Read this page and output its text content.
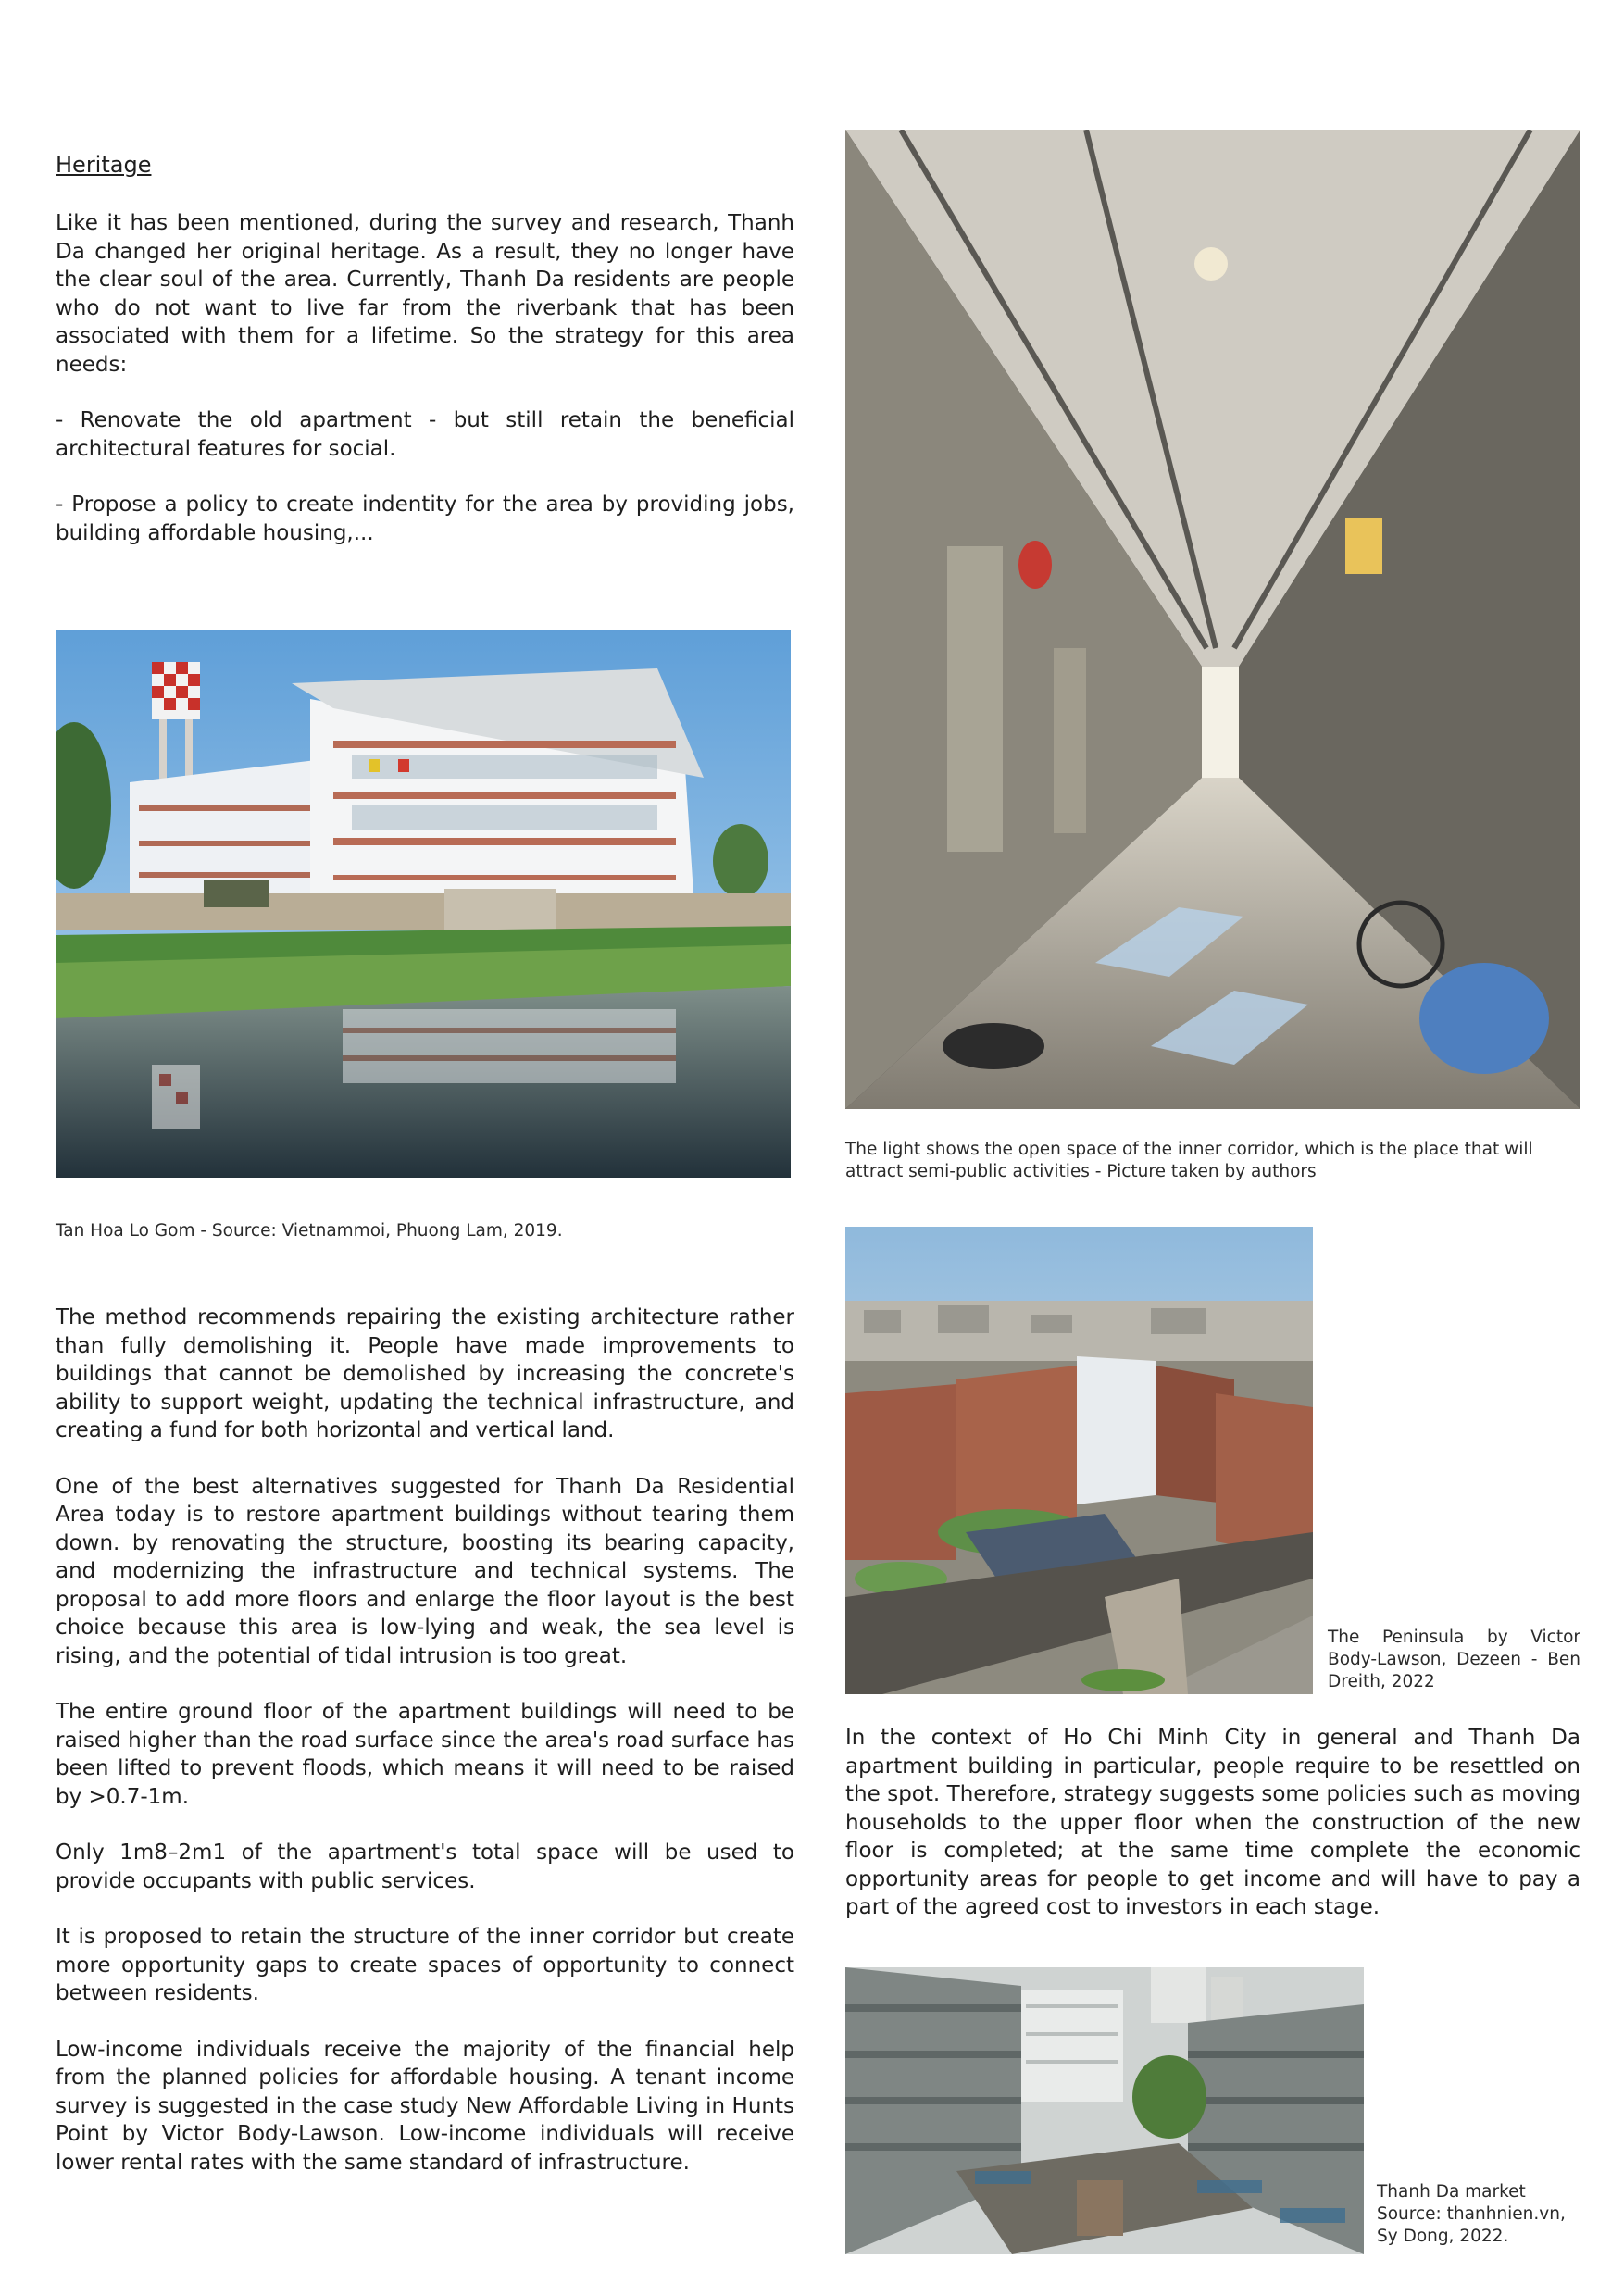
Heritage

Like it has been mentioned, during the survey and research, Thanh Da changed her original heritage. As a result, they no longer have the clear soul of the area. Currently, Thanh Da residents are people who do not want to live far from the riverbank that has been associated with them for a lifetime. So the strategy for this area needs:

- Renovate the old apartment - but still retain the beneficial architectural features for social.

- Propose a policy to create indentity for the area by providing jobs, building affordable housing,...

Tan Hoa Lo Gom - Source: Vietnammoi, Phuong Lam, 2019.
The light shows the open space of the inner corridor, which is the place that will attract semi-public activities - Picture taken by authors

The method recommends repairing the existing architecture rather than fully demolishing it. People have made improvements to buildings that cannot be demolished by increasing the concrete's ability to support weight, updating the technical infrastructure, and creating a fund for both horizontal and vertical land.

One of the best alternatives suggested for Thanh Da Residential Area today is to restore apartment buildings without tearing them down. by renovating the structure, boosting its bearing capacity, and modernizing the infrastructure and technical systems. The proposal to add more floors and enlarge the floor layout is the best choice because this area is low-lying and weak, the sea level is rising, and the potential of tidal intrusion is too great.

The entire ground floor of the apartment buildings will need to be raised higher than the road surface since the area's road surface has been lifted to prevent floods, which means it will need to be raised by >0.7-1m.

Only 1m8–2m1 of the apartment's total space will be used to provide occupants with public services.

It is proposed to retain the structure of the inner corridor but create more opportunity gaps to create spaces of opportunity to connect between residents.

Low-income individuals receive the majority of the financial help from the planned policies for affordable housing. A tenant income survey is suggested in the case study New Affordable Living in Hunts Point by Victor Body-Lawson. Low-income individuals will receive lower rental rates with the same standard of infrastructure.

The Peninsula by Victor Body-Lawson, Dezeen - Ben Dreith, 2022

In the context of Ho Chi Minh City in general and Thanh Da apartment building in particular, people require to be resettled on the spot. Therefore, strategy suggests some policies such as moving households to the upper floor when the construction of the new floor is completed; at the same time complete the economic opportunity areas for people to get income and will have to pay a part of the agreed cost to investors in each stage.

Thanh Da market
Source: thanhnien.vn,
Sy Dong, 2022.
